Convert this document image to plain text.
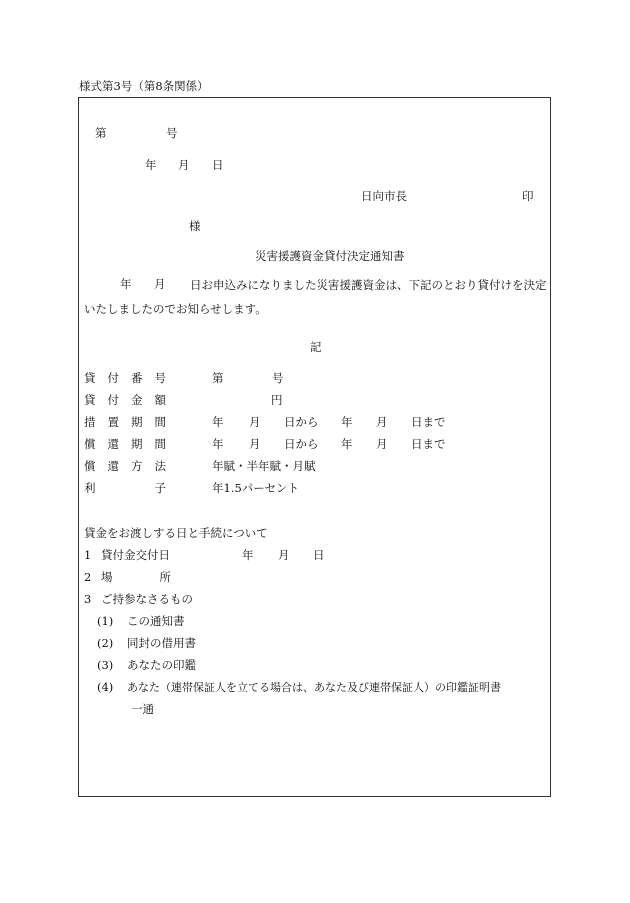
様式第3号（第8条関係）
第	号
年 月 日
日向市長	印
様
災害援護資金貸付決定通知書
年 月	日お申込みになりました災害援護資金は、下記のとおり貸付けを決定いたしましたのでお知らせします。
記
貸 付 番 号	第	号
貸 付 金 額	円
措 置 期 間	年 月 日から 年 月 日まで
償 還 期 間	年 月 日から 年 月 日まで
償 還 方 法	年賦・半年賦・月賦
利	子	年1.5パーセント
貸金をお渡しする日と手続について
1 貸付金交付日	年 月 日
2 場	所
3 ご持参なさるもの
(1) この通知書
(2) 同封の借用書
(3) あなたの印鑑
(4) あなた（連帯保証人を立てる場合は、あなた及び連帯保証人）の印鑑証明書
一通
